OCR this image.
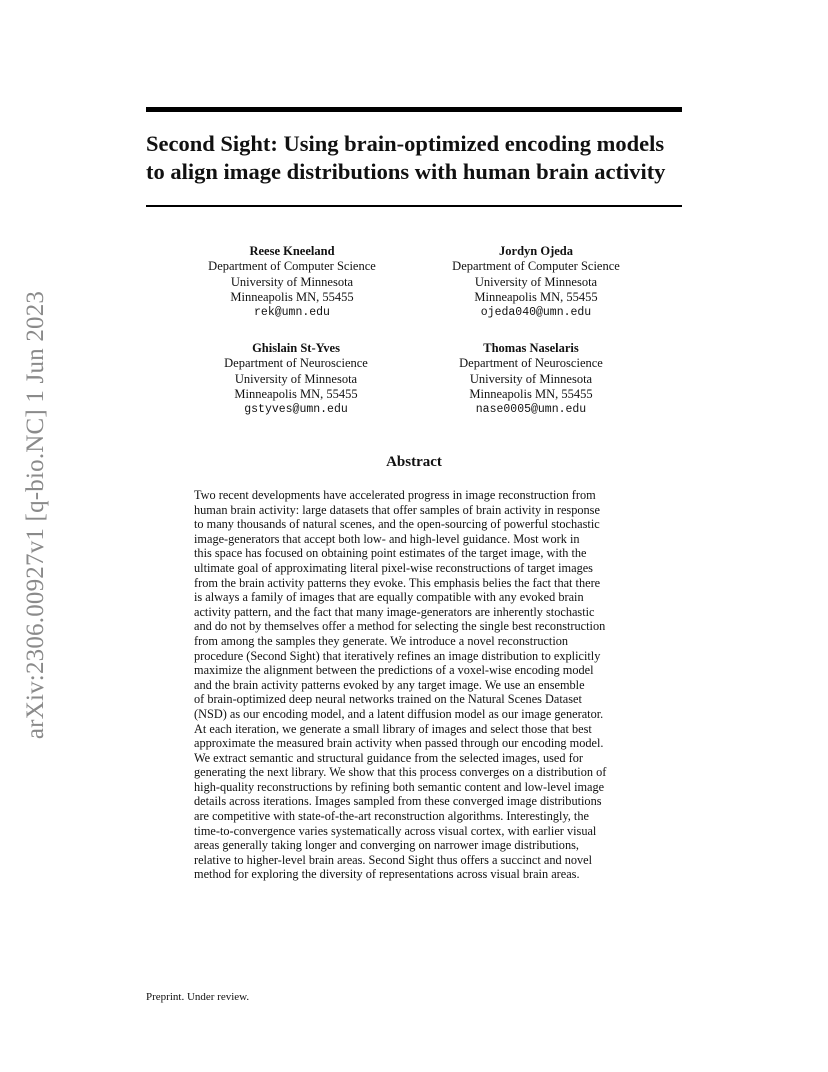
arXiv:2306.00927v1 [q-bio.NC] 1 Jun 2023
Second Sight: Using brain-optimized encoding models
to align image distributions with human brain activity
Reese Kneeland
Department of Computer Science
University of Minnesota
Minneapolis MN, 55455
rek@umn.edu
Jordyn Ojeda
Department of Computer Science
University of Minnesota
Minneapolis MN, 55455
ojeda040@umn.edu
Ghislain St-Yves
Department of Neuroscience
University of Minnesota
Minneapolis MN, 55455
gstyves@umn.edu
Thomas Naselaris
Department of Neuroscience
University of Minnesota
Minneapolis MN, 55455
nase0005@umn.edu
Abstract
Two recent developments have accelerated progress in image reconstruction from
human brain activity: large datasets that offer samples of brain activity in response
to many thousands of natural scenes, and the open-sourcing of powerful stochastic
image-generators that accept both low- and high-level guidance. Most work in
this space has focused on obtaining point estimates of the target image, with the
ultimate goal of approximating literal pixel-wise reconstructions of target images
from the brain activity patterns they evoke. This emphasis belies the fact that there
is always a family of images that are equally compatible with any evoked brain
activity pattern, and the fact that many image-generators are inherently stochastic
and do not by themselves offer a method for selecting the single best reconstruction
from among the samples they generate. We introduce a novel reconstruction
procedure (Second Sight) that iteratively refines an image distribution to explicitly
maximize the alignment between the predictions of a voxel-wise encoding model
and the brain activity patterns evoked by any target image. We use an ensemble
of brain-optimized deep neural networks trained on the Natural Scenes Dataset
(NSD) as our encoding model, and a latent diffusion model as our image generator.
At each iteration, we generate a small library of images and select those that best
approximate the measured brain activity when passed through our encoding model.
We extract semantic and structural guidance from the selected images, used for
generating the next library. We show that this process converges on a distribution of
high-quality reconstructions by refining both semantic content and low-level image
details across iterations. Images sampled from these converged image distributions
are competitive with state-of-the-art reconstruction algorithms. Interestingly, the
time-to-convergence varies systematically across visual cortex, with earlier visual
areas generally taking longer and converging on narrower image distributions,
relative to higher-level brain areas. Second Sight thus offers a succinct and novel
method for exploring the diversity of representations across visual brain areas.
Preprint. Under review.
